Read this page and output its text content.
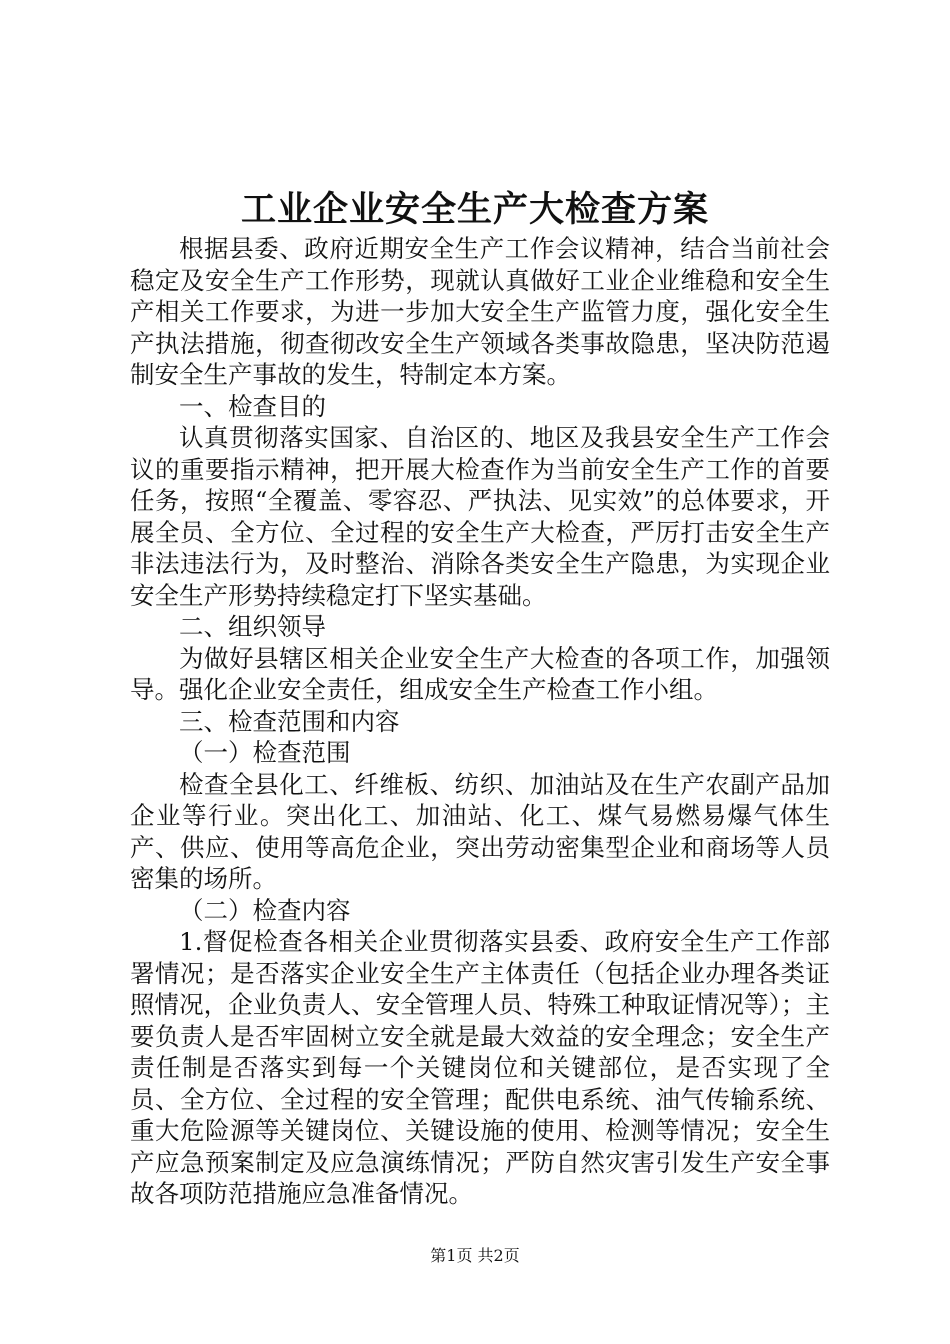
工业企业安全生产大检查方案

根据县委、政府近期安全生产工作会议精神，结合当前社会稳定及安全生产工作形势，现就认真做好工业企业维稳和安全生产相关工作要求，为进一步加大安全生产监管力度，强化安全生产执法措施，彻查彻改安全生产领域各类事故隐患，坚决防范遏制安全生产事故的发生，特制定本方案。

一、检查目的

认真贯彻落实国家、自治区的、地区及我县安全生产工作会议的重要指示精神，把开展大检查作为当前安全生产工作的首要任务，按照“全覆盖、零容忍、严执法、见实效”的总体要求，开展全员、全方位、全过程的安全生产大检查，严厉打击安全生产非法违法行为，及时整治、消除各类安全生产隐患，为实现企业安全生产形势持续稳定打下坚实基础。

二、组织领导

为做好县辖区相关企业安全生产大检查的各项工作，加强领导。强化企业安全责任，组成安全生产检查工作小组。

三、检查范围和内容

（一）检查范围

检查全县化工、纤维板、纺织、加油站及在生产农副产品加企业等行业。突出化工、加油站、化工、煤气易燃易爆气体生产、供应、使用等高危企业，突出劳动密集型企业和商场等人员密集的场所。

（二）检查内容

1.督促检查各相关企业贯彻落实县委、政府安全生产工作部署情况；是否落实企业安全生产主体责任（包括企业办理各类证照情况，企业负责人、安全管理人员、特殊工种取证情况等）；主要负责人是否牢固树立安全就是最大效益的安全理念；安全生产责任制是否落实到每一个关键岗位和关键部位，是否实现了全员、全方位、全过程的安全管理；配供电系统、油气传输系统、重大危险源等关键岗位、关键设施的使用、检测等情况；安全生产应急预案制定及应急演练情况；严防自然灾害引发生产安全事故各项防范措施应急准备情况。

第1页 共2页
